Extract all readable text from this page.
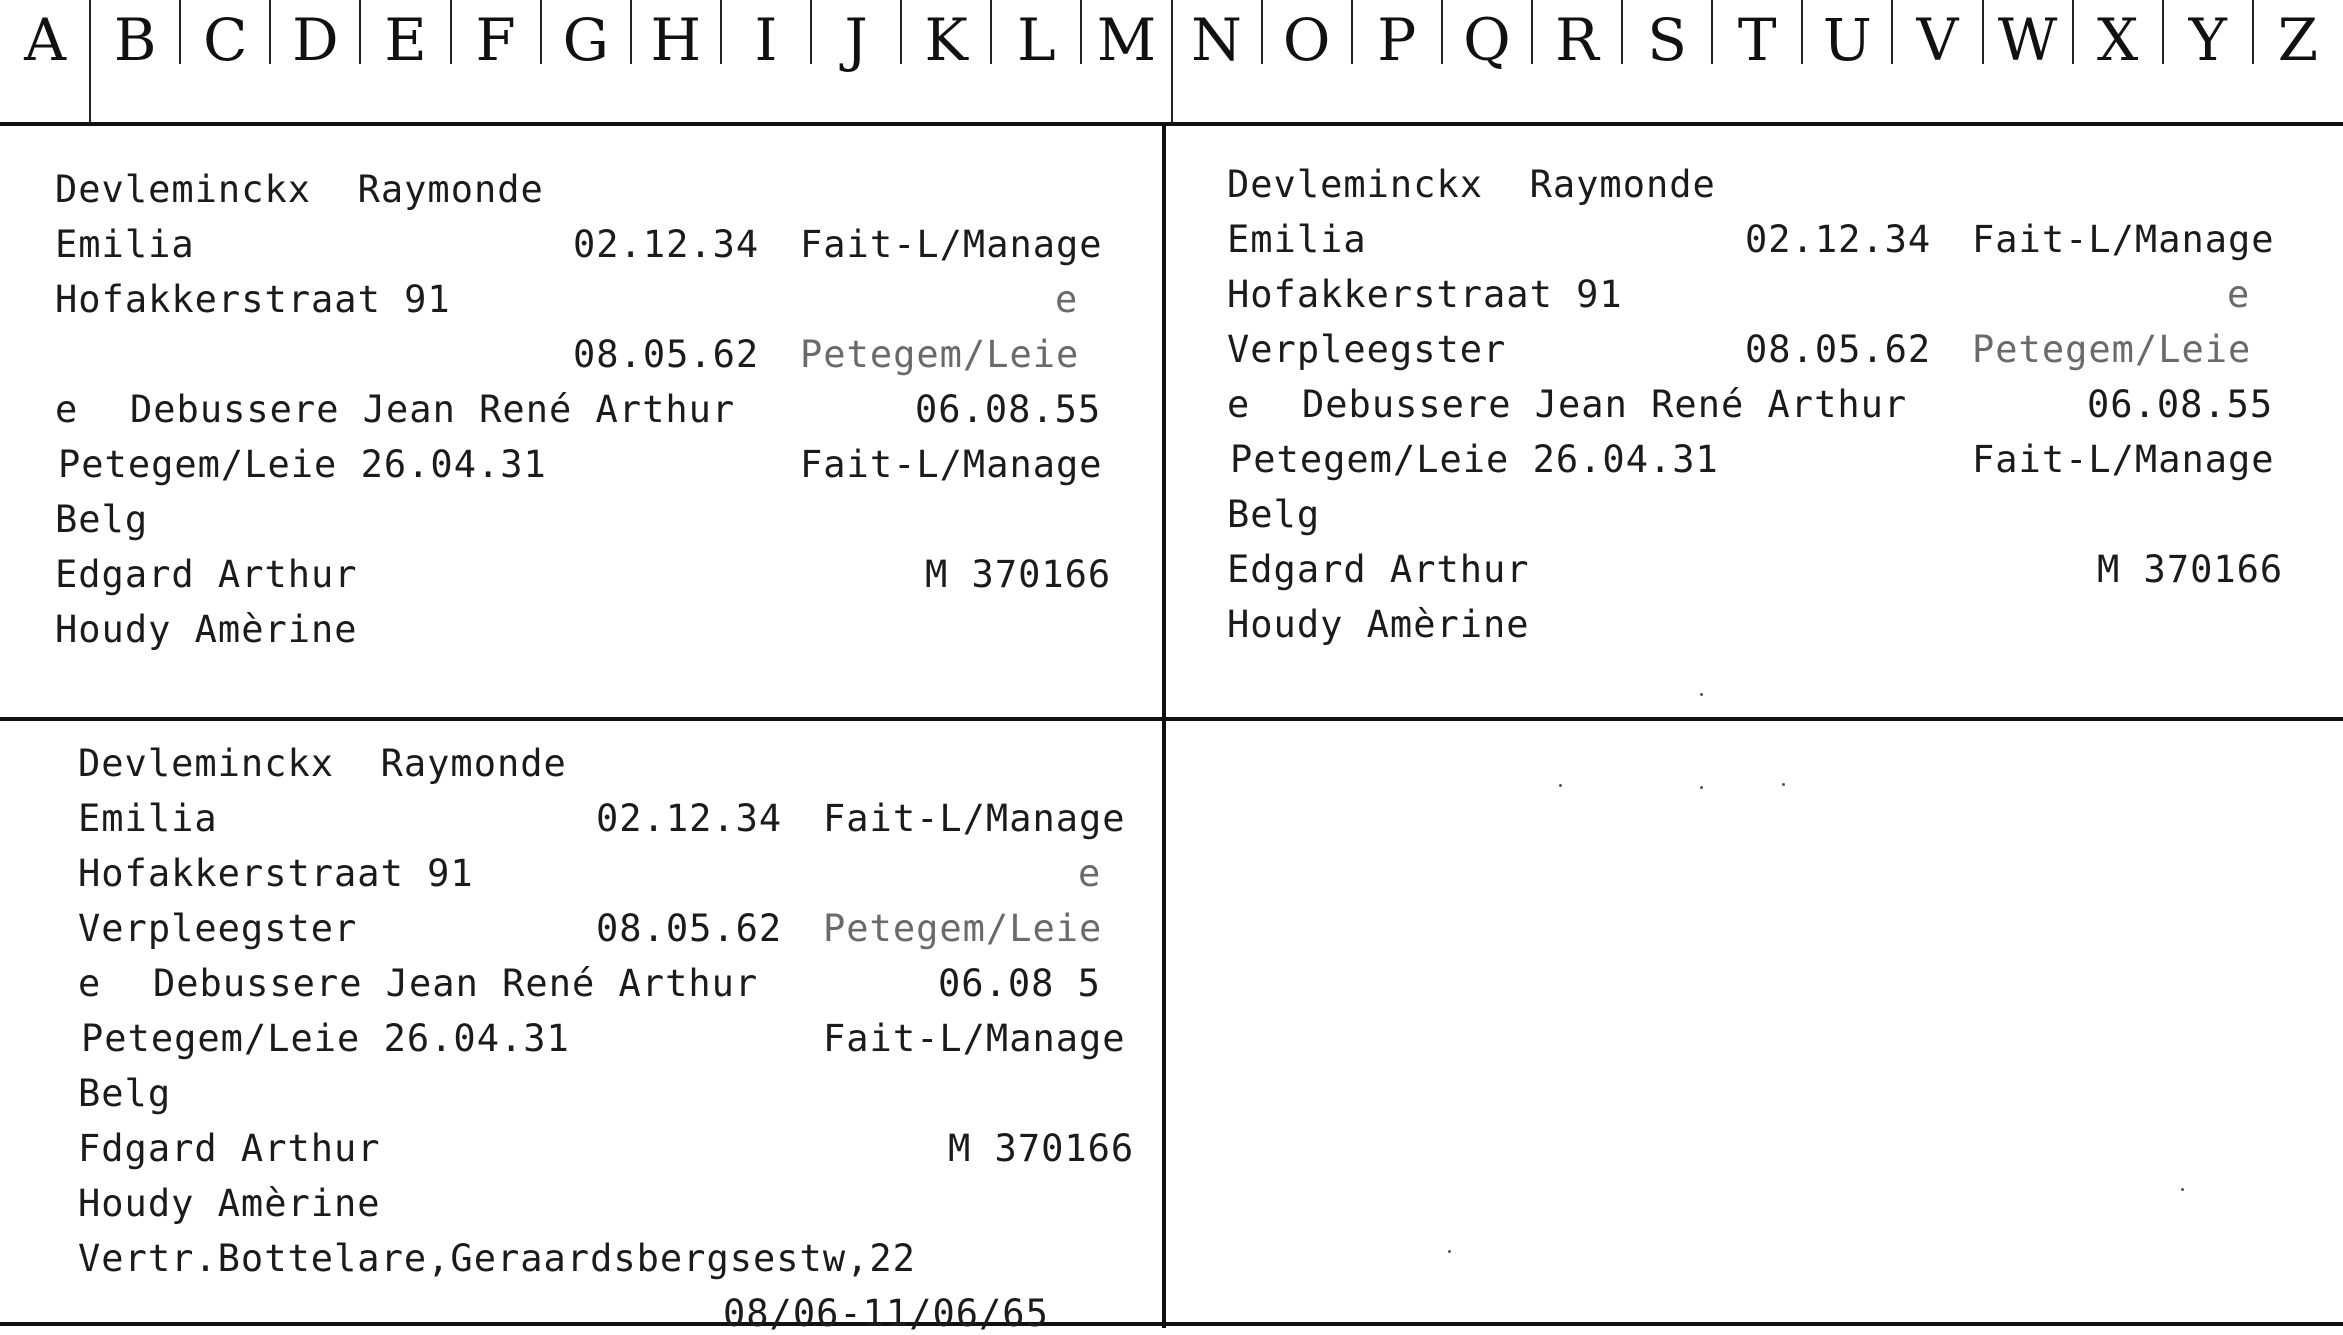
A B C D E F G H I	J K L M N O P Q R S T U V W X Y Z
Devleminckx  Raymonde
Emilia	02.12.34 Fait-L/Manage
Hofakkerstraat 91	e
08.05.62 Petegem/Leie
e Debussere Jean René Arthur	06.08.55
Petegem/Leie 26.04.31	Fait-L/Manage
Belg
Edgard Arthur	M 370166
Houdy Amèrine
Devleminckx  Raymonde
Emilia	02.12.34 Fait-L/Manage
Hofakkerstraat 91	e
Verpleegster	08.05.62 Petegem/Leie
e Debussere Jean René Arthur	06.08.55
Petegem/Leie 26.04.31	Fait-L/Manage
Belg
Edgard Arthur	M 370166
Houdy Amèrine
Devleminckx  Raymonde
Emilia	02.12.34 Fait-L/Manage
Hofakkerstraat 91	e
Verpleegster	08.05.62 Petegem/Leie
e Debussere Jean René Arthur	06.08 5
Petegem/Leie 26.04.31	Fait-L/Manage
Belg
Fdgard Arthur	M 370166
Houdy Amèrine
Vertr.Bottelare,Geraardsbergsestw,22
08/06-11/06/65
